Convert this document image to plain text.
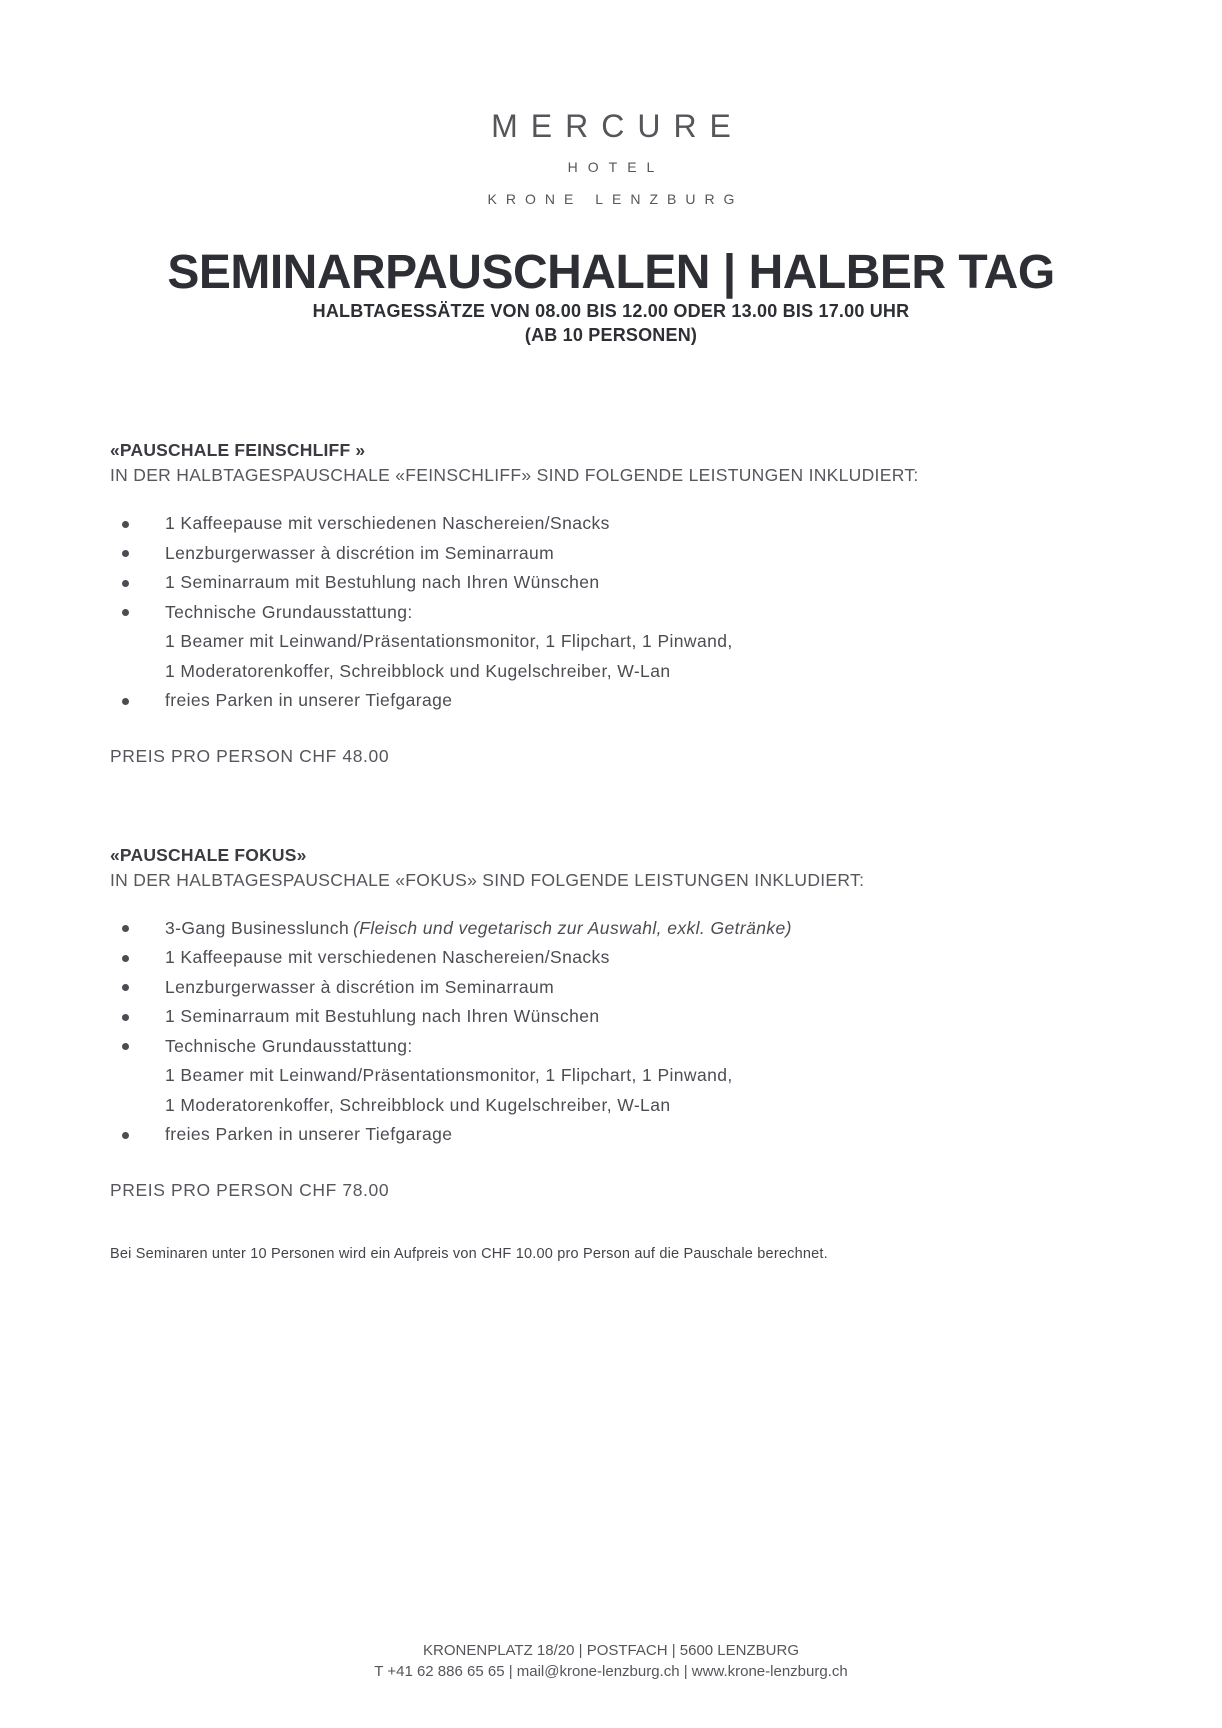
MERCURE
HOTEL
KRONE LENZBURG
SEMINARPAUSCHALEN | HALBER TAG
HALBTAGESSÄTZE VON 08.00 BIS 12.00 ODER 13.00 BIS 17.00 UHR
(AB 10 PERSONEN)
«PAUSCHALE FEINSCHLIFF »

IN DER HALBTAGESPAUSCHALE «FEINSCHLIFF» SIND FOLGENDE LEISTUNGEN INKLUDIERT:

1 Kaffeepause mit verschiedenen Naschereien/Snacks
Lenzburgerwasser à discrétion im Seminarraum
1 Seminarraum mit Bestuhlung nach Ihren Wünschen
Technische Grundausstattung:
1 Beamer mit Leinwand/Präsentationsmonitor, 1 Flipchart, 1 Pinwand,
1 Moderatorenkoffer, Schreibblock und Kugelschreiber, W-Lan
freies Parken in unserer Tiefgarage

PREIS PRO PERSON CHF 48.00

«PAUSCHALE FOKUS»

IN DER HALBTAGESPAUSCHALE «FOKUS» SIND FOLGENDE LEISTUNGEN INKLUDIERT:

3-Gang Businesslunch (Fleisch und vegetarisch zur Auswahl, exkl. Getränke)
1 Kaffeepause mit verschiedenen Naschereien/Snacks
Lenzburgerwasser à discrétion im Seminarraum
1 Seminarraum mit Bestuhlung nach Ihren Wünschen
Technische Grundausstattung:
1 Beamer mit Leinwand/Präsentationsmonitor, 1 Flipchart, 1 Pinwand,
1 Moderatorenkoffer, Schreibblock und Kugelschreiber, W-Lan
freies Parken in unserer Tiefgarage

PREIS PRO PERSON CHF 78.00

Bei Seminaren unter 10 Personen wird ein Aufpreis von CHF 10.00 pro Person auf die Pauschale berechnet.

KRONENPLATZ 18/20 | POSTFACH | 5600 LENZBURG
T +41 62 886 65 65 | mail@krone-lenzburg.ch | www.krone-lenzburg.ch
